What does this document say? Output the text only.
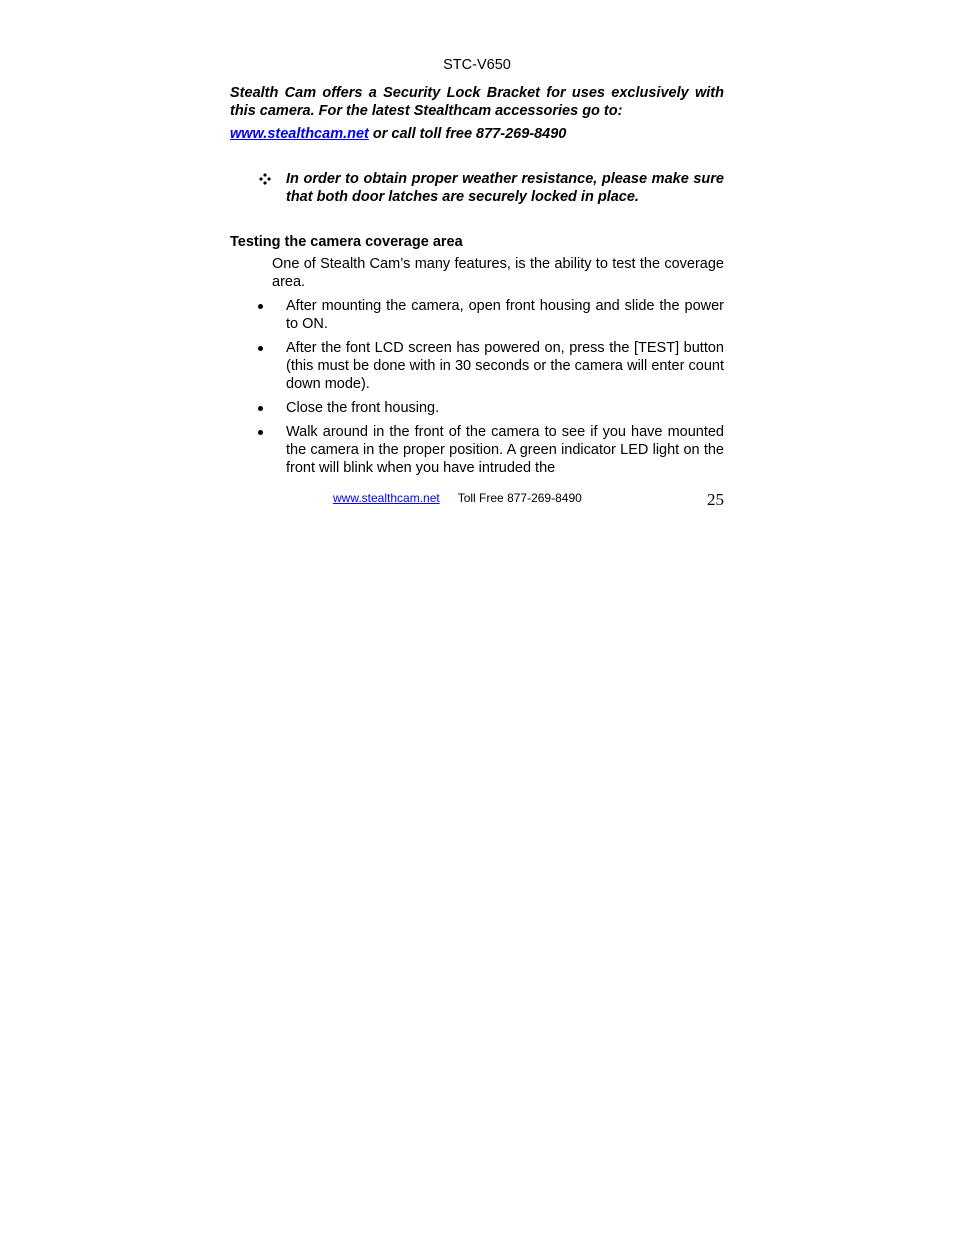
STC-V650

Stealth Cam offers a Security Lock Bracket for uses exclusively with this camera. For the latest Stealthcam accessories go to:

www.stealthcam.net or call toll free 877-269-8490
In order to obtain proper weather resistance, please make sure that both door latches are securely locked in place.
Testing the camera coverage area

One of Stealth Cam’s many features, is the ability to test the coverage area.

After mounting the camera, open front housing and slide the power to ON.
After the font LCD screen has powered on, press the [TEST] button (this must be done with in 30 seconds or the camera will enter count down mode).
Close the front housing.
Walk around in the front of the camera to see if you have mounted the camera in the proper position. A green indicator LED light on the front will blink when you have intruded the
www.stealthcam.net Toll Free 877-269-8490	25
